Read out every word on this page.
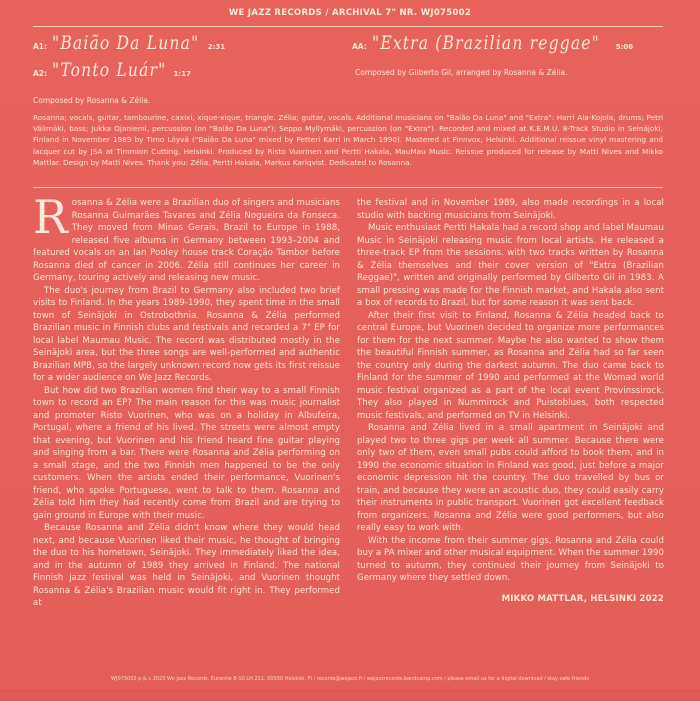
WE JAZZ RECORDS / ARCHIVAL 7" NR. WJ075002
A1: "Baião Da Luna" 2:31
A2: "Tonto Luár" 1:17
AA: "Extra (Brazilian reggae" 5:06
Composed by Gilberto Gil, arranged by Rosanna & Zélia.
Composed by Rosanna & Zélia.
Rosanna; vocals, guitar, tambourine, caxixi, xique-xique, triangle. Zélia; guitar, vocals. Additional musicians on "Baião Da Luna" and "Extra": Harri Ala-Kojola, drums; Petri Välimäki, bass; Jukka Ojaniemi, percussion (on "Baião Da Luna"); Seppo Myllymäki, percussion (on "Extra"). Recorded and mixed at K.E.M.U. 8-Track Studio in Seinäjoki, Finland in November 1989 by Timo Löyvä ("Baião Da Luna" mixed by Petteri Karri in March 1990). Mastered at Finnvox, Helsinki. Additional reissue vinyl mastering and lacquer cut by JSA at Timmion Cutting, Helsinki. Produced by Risto Vuorinen and Pertti Hakala, MauMau Music. Reissue produced for release by Matti Nives and Mikko Mattlar. Design by Matti Nives. Thank you: Zélia, Pertti Hakala, Markus Karlqvist. Dedicated to Rosanna.

Rosanna & Zélia were a Brazilian duo of singers and musicians Rosanna Guimarães Tavares and Zélia Nogueira da Fonseca. They moved from Minas Gerais, Brazil to Europe in 1988, released five albums in Germany between 1993–2004 and featured vocals on an Ian Pooley house track Coração Tambor before Rosanna died of cancer in 2006. Zélia still continues her career in Germany, touring actively and releasing new music.

The duo's journey from Brazil to Germany also included two brief visits to Finland. In the years 1989-1990, they spent time in the small town of Seinäjoki in Ostrobothnia. Rosanna & Zélia performed Brazilian music in Finnish clubs and festivals and recorded a 7" EP for local label Maumau Music. The record was distributed mostly in the Seinäjoki area, but the three songs are well-performed and authentic Brazilian MPB, so the largely unknown record now gets its first reissue for a wider audience on We Jazz Records.

But how did two Brazilian women find their way to a small Finnish town to record an EP? The main reason for this was music journalist and promoter Risto Vuorinen, who was on a holiday in Albufeira, Portugal, where a friend of his lived. The streets were almost empty that evening, but Vuorinen and his friend heard fine guitar playing and singing from a bar. There were Rosanna and Zélia performing on a small stage, and the two Finnish men happened to be the only customers. When the artists ended their performance, Vuorinen's friend, who spoke Portuguese, went to talk to them. Rosanna and Zélia told him they had recently come from Brazil and are trying to gain ground in Europe with their music.

Because Rosanna and Zélia didn't know where they would head next, and because Vuorinen liked their music, he thought of bringing the duo to his hometown, Seinäjoki. They immediately liked the idea, and in the autumn of 1989 they arrived in Finland. The national Finnish jazz festival was held in Seinäjoki, and Vuorinen thought Rosanna & Zélia's Brazilian music would fit right in. They performed at

the festival and in November 1989, also made recordings in a local studio with backing musicians from Seinäjoki.

Music enthusiast Pertti Hakala had a record shop and label Maumau Music in Seinäjoki releasing music from local artists. He released a three-track EP from the sessions. with two tracks written by Rosanna & Zélia themselves and their cover version of "Extra (Brazilian Reggae)", written and originally performed by Gilberto Gil in 1983. A small pressing was made for the Finnish market, and Hakala also sent a box of records to Brazil, but for some reason it was sent back.

After their first visit to Finland, Rosanna & Zélia headed back to central Europe, but Vuorinen decided to organize more performances for them for the next summer. Maybe he also wanted to show them the beautiful Finnish summer, as Rosanna and Zélia had so far seen the country only during the darkest autumn. The duo came back to Finland for the summer of 1990 and performed at the Womad world music festival organized as a part of the local event Provinssirock. They also played in Nummirock and Puistoblues, both respected music festivals, and performed on TV in Helsinki.

Rosanna and Zélia lived in a small apartment in Seinäjoki and played two to three gigs per week all summer. Because there were only two of them, even small pubs could afford to book them, and in 1990 the economic situation in Finland was good, just before a major economic depression hit the country. The duo travelled by bus or train, and because they were an acoustic duo, they could easily carry their instruments in public transport. Vuorinen got excellent feedback from organizers. Rosanna and Zélia were good performers, but also really easy to work with.

With the income from their summer gigs, Rosanna and Zélia could buy a PA mixer and other musical equipment. When the summer 1990 turned to autumn, they continued their journey from Seinäjoki to Germany where they settled down.

MIKKO MATTLAR, HELSINKI 2022
WJ075002 p & c 2023 We Jazz Records, Eurantie 8-10 LH 211, 00550 Helsinki, FI / records@wejazz.fi / wejazzrecords.bandcamp.com / please email us for a digital download / stay safe friends
